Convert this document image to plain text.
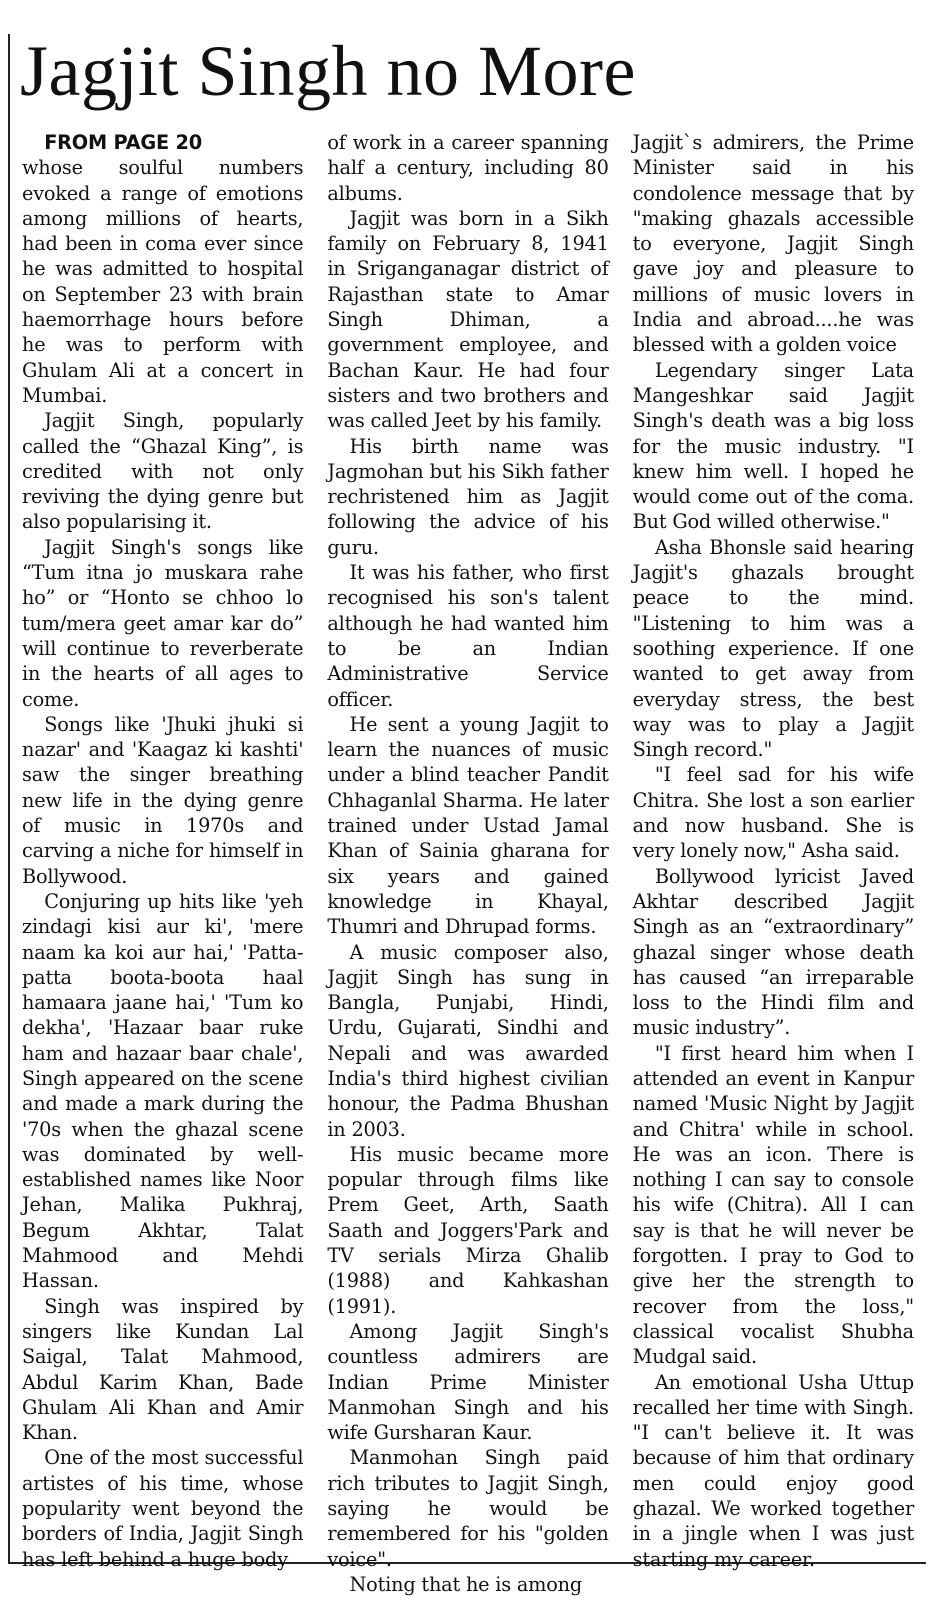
Jagjit Singh no More

FROM PAGE 20

whose soulful numbers evoked a range of emotions among millions of hearts, had been in coma ever since he was admitted to hospital on September 23 with brain haemorrhage hours before he was to perform with Ghulam Ali at a concert in Mumbai.

Jagjit Singh, popularly called the “Ghazal King”, is credited with not only reviving the dying genre but also popularising it.

Jagjit Singh's songs like “Tum itna jo muskara rahe ho” or “Honto se chhoo lo tum/mera geet amar kar do” will continue to reverberate in the hearts of all ages to come.

Songs like 'Jhuki jhuki si nazar' and 'Kaagaz ki kashti' saw the singer breathing new life in the dying genre of music in 1970s and carving a niche for himself in Bollywood.

Conjuring up hits like 'yeh zindagi kisi aur ki', 'mere naam ka koi aur hai,' 'Patta-patta boota-boota haal hamaara jaane hai,' 'Tum ko dekha', 'Hazaar baar ruke ham and hazaar baar chale', Singh appeared on the scene and made a mark during the '70s when the ghazal scene was dominated by well-established names like Noor Jehan, Malika Pukhraj, Begum Akhtar, Talat Mahmood and Mehdi Hassan.

Singh was inspired by singers like Kundan Lal Saigal, Talat Mahmood, Abdul Karim Khan, Bade Ghulam Ali Khan and Amir Khan.

One of the most successful artistes of his time, whose popularity went beyond the borders of India, Jagjit Singh has left behind a huge body

of work in a career spanning half a century, including 80 albums.

Jagjit was born in a Sikh family on February 8, 1941 in Sriganganagar district of Rajasthan state to Amar Singh Dhiman, a government employee, and Bachan Kaur. He had four sisters and two brothers and was called Jeet by his family.

His birth name was Jagmohan but his Sikh father rechristened him as Jagjit following the advice of his guru.

It was his father, who first recognised his son's talent although he had wanted him to be an Indian Administrative Service officer.

He sent a young Jagjit to learn the nuances of music under a blind teacher Pandit Chhaganlal Sharma. He later trained under Ustad Jamal Khan of Sainia gharana for six years and gained knowledge in Khayal, Thumri and Dhrupad forms.

A music composer also, Jagjit Singh has sung in Bangla, Punjabi, Hindi, Urdu, Gujarati, Sindhi and Nepali and was awarded India's third highest civilian honour, the Padma Bhushan in 2003.

His music became more popular through films like Prem Geet, Arth, Saath Saath and Joggers'Park and TV serials Mirza Ghalib (1988) and Kahkashan (1991).

Among Jagjit Singh's countless admirers are Indian Prime Minister Manmohan Singh and his wife Gursharan Kaur.

Manmohan Singh paid rich tributes to Jagjit Singh, saying he would be remembered for his "golden voice".

Noting that he is among

Jagjit`s admirers, the Prime Minister said in his condolence message that by "making ghazals accessible to everyone, Jagjit Singh gave joy and pleasure to millions of music lovers in India and abroad....he was blessed with a golden voice

Legendary singer Lata Mangeshkar said Jagjit Singh's death was a big loss for the music industry. "I knew him well. I hoped he would come out of the coma. But God willed otherwise."

Asha Bhonsle said hearing Jagjit's ghazals brought peace to the mind. "Listening to him was a soothing experience. If one wanted to get away from everyday stress, the best way was to play a Jagjit Singh record."

"I feel sad for his wife Chitra. She lost a son earlier and now husband. She is very lonely now," Asha said.

Bollywood lyricist Javed Akhtar described Jagjit Singh as an “extraordinary” ghazal singer whose death has caused “an irreparable loss to the Hindi film and music industry”.

"I first heard him when I attended an event in Kanpur named 'Music Night by Jagjit and Chitra' while in school. He was an icon. There is nothing I can say to console his wife (Chitra). All I can say is that he will never be forgotten. I pray to God to give her the strength to recover from the loss," classical vocalist Shubha Mudgal said.

An emotional Usha Uttup recalled her time with Singh. "I can't believe it. It was because of him that ordinary men could enjoy good ghazal. We worked together in a jingle when I was just starting my career.
